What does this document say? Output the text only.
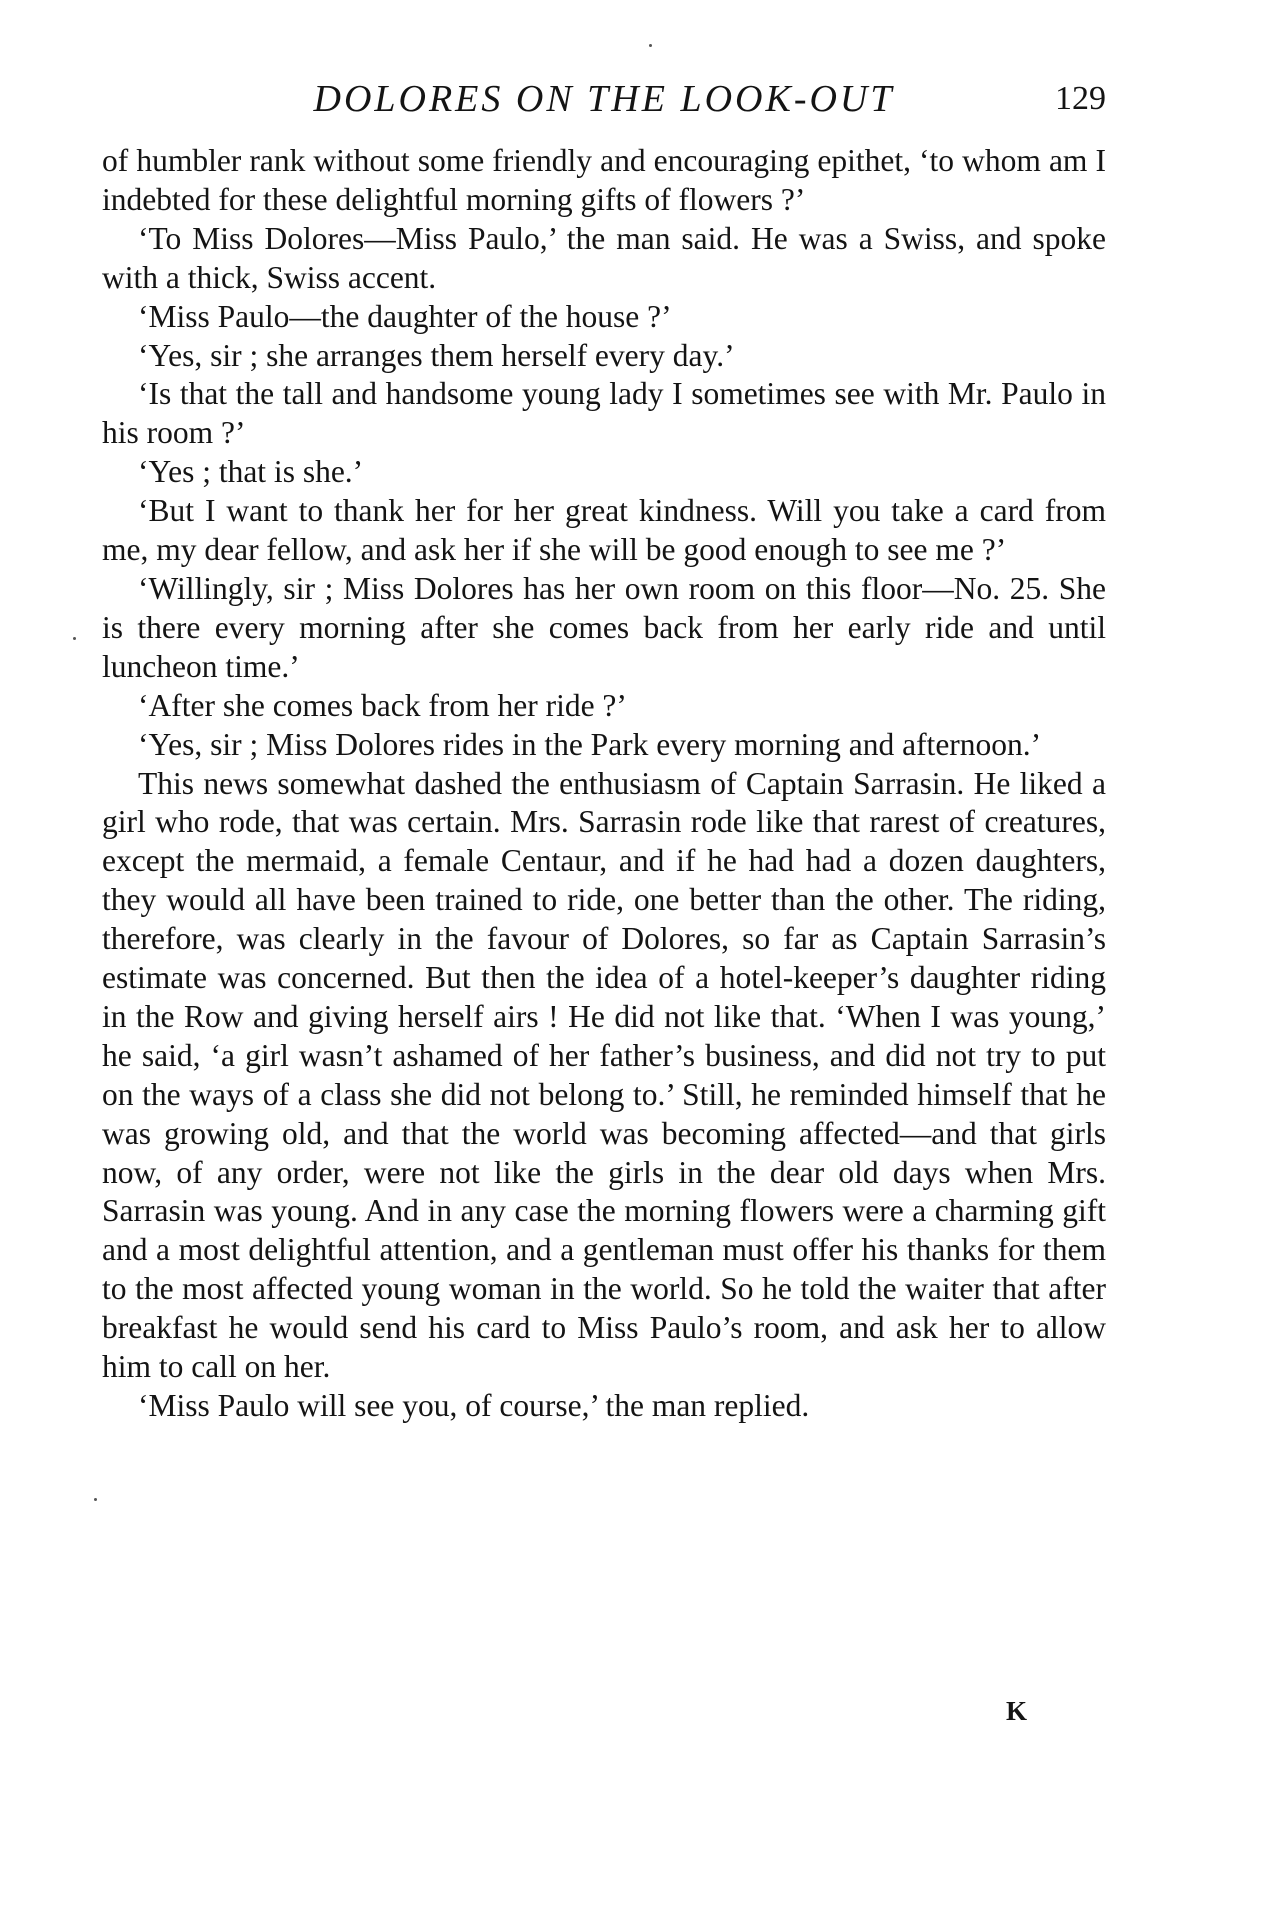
DOLORES ON THE LOOK-OUT	129

of humbler rank without some friendly and encouraging epithet, ‘to whom am I indebted for these delightful morning gifts of flowers ?’

‘To Miss Dolores—Miss Paulo,’ the man said. He was a Swiss, and spoke with a thick, Swiss accent.

‘Miss Paulo—the daughter of the house ?’

‘Yes, sir ; she arranges them herself every day.’

‘Is that the tall and handsome young lady I sometimes see with Mr. Paulo in his room ?’

‘Yes ; that is she.’

‘But I want to thank her for her great kindness. Will you take a card from me, my dear fellow, and ask her if she will be good enough to see me ?’

‘Willingly, sir ; Miss Dolores has her own room on this floor—No. 25. She is there every morning after she comes back from her early ride and until luncheon time.’

‘After she comes back from her ride ?’

‘Yes, sir ; Miss Dolores rides in the Park every morning and afternoon.’

This news somewhat dashed the enthusiasm of Captain Sarrasin. He liked a girl who rode, that was certain. Mrs. Sarrasin rode like that rarest of creatures, except the mermaid, a female Centaur, and if he had had a dozen daughters, they would all have been trained to ride, one better than the other. The riding, therefore, was clearly in the favour of Dolores, so far as Captain Sarrasin’s estimate was concerned. But then the idea of a hotel-keeper’s daughter riding in the Row and giving herself airs ! He did not like that. ‘When I was young,’ he said, ‘a girl wasn’t ashamed of her father’s business, and did not try to put on the ways of a class she did not belong to.’ Still, he reminded himself that he was growing old, and that the world was becoming affected—and that girls now, of any order, were not like the girls in the dear old days when Mrs. Sarrasin was young. And in any case the morning flowers were a charming gift and a most delightful attention, and a gentleman must offer his thanks for them to the most affected young woman in the world. So he told the waiter that after breakfast he would send his card to Miss Paulo’s room, and ask her to allow him to call on her.

‘Miss Paulo will see you, of course,’ the man replied.

K
